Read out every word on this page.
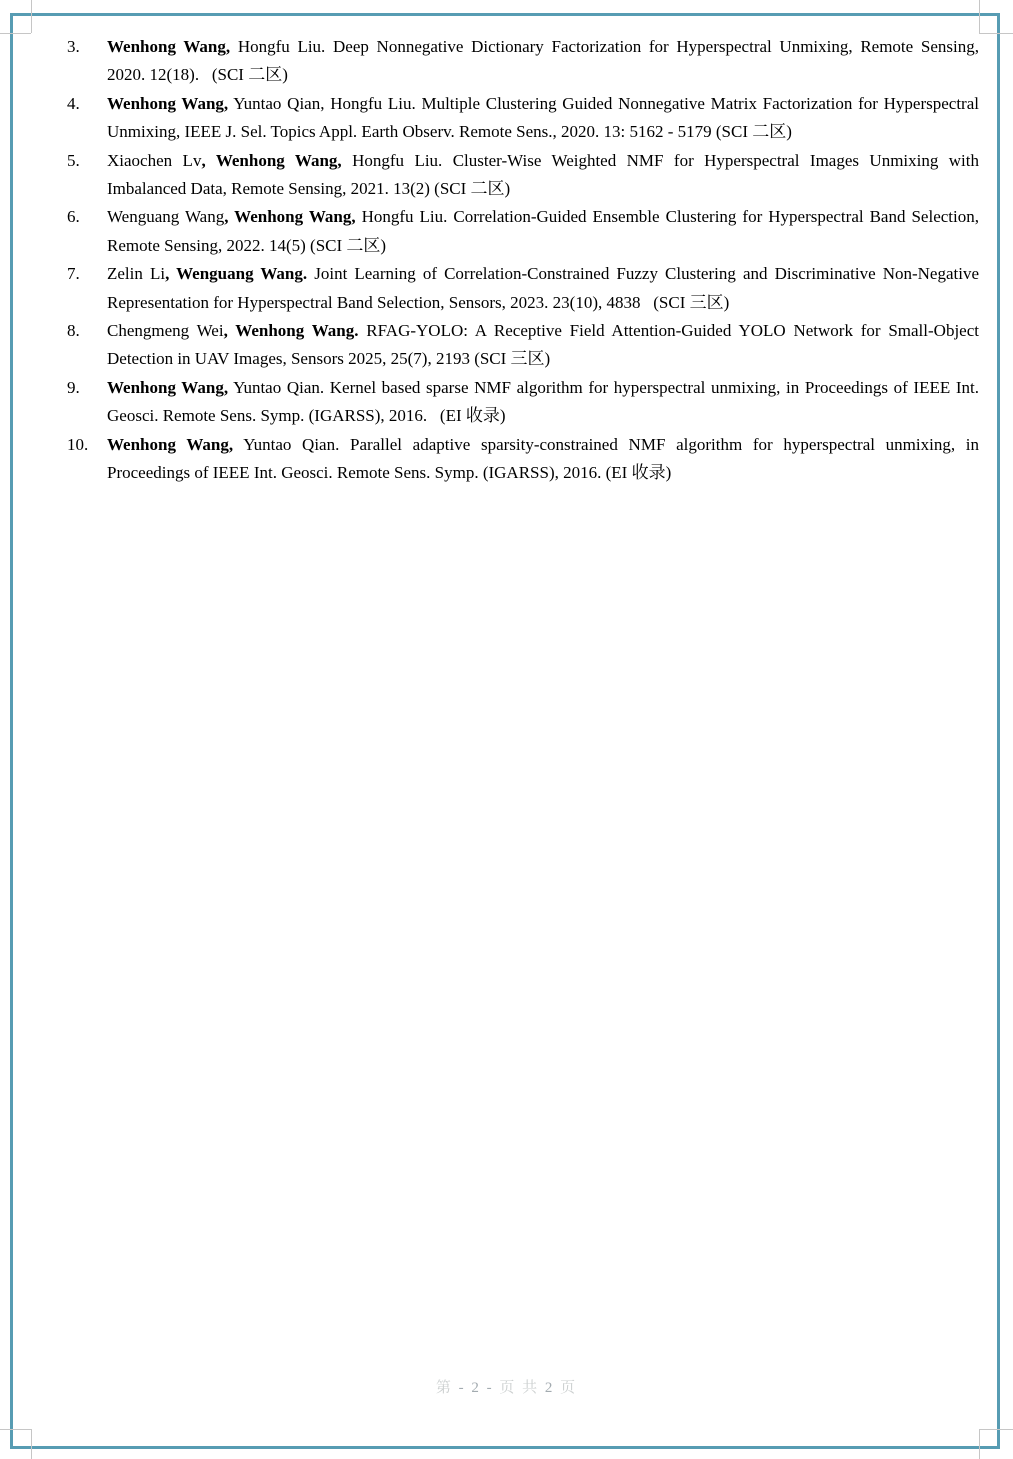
3. Wenhong Wang, Hongfu Liu. Deep Nonnegative Dictionary Factorization for Hyperspectral Unmixing, Remote Sensing, 2020. 12(18).   (SCI 二区)
4. Wenhong Wang, Yuntao Qian, Hongfu Liu. Multiple Clustering Guided Nonnegative Matrix Factorization for Hyperspectral Unmixing, IEEE J. Sel. Topics Appl. Earth Observ. Remote Sens., 2020. 13: 5162 - 5179 (SCI 二区)
5. Xiaochen Lv, Wenhong Wang, Hongfu Liu. Cluster-Wise Weighted NMF for Hyperspectral Images Unmixing with Imbalanced Data, Remote Sensing, 2021. 13(2) (SCI 二区)
6. Wenguang Wang, Wenhong Wang, Hongfu Liu. Correlation-Guided Ensemble Clustering for Hyperspectral Band Selection, Remote Sensing, 2022. 14(5) (SCI 二区)
7. Zelin Li, Wenguang Wang. Joint Learning of Correlation-Constrained Fuzzy Clustering and Discriminative Non-Negative Representation for Hyperspectral Band Selection, Sensors, 2023. 23(10), 4838   (SCI 三区)
8. Chengmeng Wei, Wenhong Wang. RFAG-YOLO: A Receptive Field Attention-Guided YOLO Network for Small-Object Detection in UAV Images, Sensors 2025, 25(7), 2193 (SCI 三区)
9. Wenhong Wang, Yuntao Qian. Kernel based sparse NMF algorithm for hyperspectral unmixing, in Proceedings of IEEE Int. Geosci. Remote Sens. Symp. (IGARSS), 2016.   (EI 收录)
10. Wenhong Wang, Yuntao Qian. Parallel adaptive sparsity-constrained NMF algorithm for hyperspectral unmixing, in Proceedings of IEEE Int. Geosci. Remote Sens. Symp. (IGARSS), 2016. (EI 收录)
第 - 2 - 页 共 2 页
